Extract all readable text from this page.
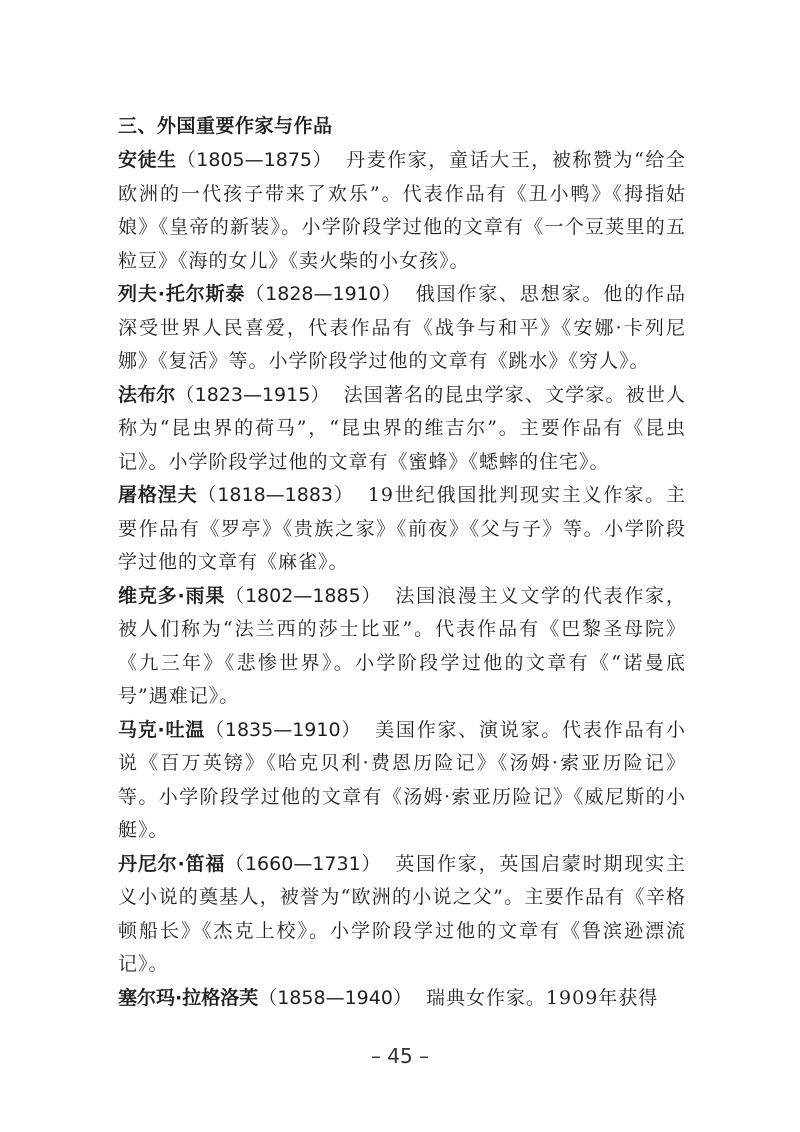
三、外国重要作家与作品

安徒生（1805—1875） 丹麦作家，童话大王，被称赞为“给全欧洲的一代孩子带来了欢乐”。代表作品有《丑小鸭》《拇指姑娘》《皇帝的新装》。小学阶段学过他的文章有《一个豆荚里的五粒豆》《海的女儿》《卖火柴的小女孩》。

列夫·托尔斯泰（1828—1910） 俄国作家、思想家。他的作品深受世界人民喜爱，代表作品有《战争与和平》《安娜·卡列尼娜》《复活》等。小学阶段学过他的文章有《跳水》《穷人》。

法布尔（1823—1915） 法国著名的昆虫学家、文学家。被世人称为“昆虫界的荷马”，“昆虫界的维吉尔”。主要作品有《昆虫记》。小学阶段学过他的文章有《蜜蜂》《蟋蟀的住宅》。

屠格涅夫（1818—1883） 19世纪俄国批判现实主义作家。主要作品有《罗亭》《贵族之家》《前夜》《父与子》等。小学阶段学过他的文章有《麻雀》。

维克多·雨果（1802—1885） 法国浪漫主义文学的代表作家，被人们称为“法兰西的莎士比亚”。代表作品有《巴黎圣母院》《九三年》《悲惨世界》。小学阶段学过他的文章有《“诺曼底号”遇难记》。

马克·吐温（1835—1910） 美国作家、演说家。代表作品有小说《百万英镑》《哈克贝利·费恩历险记》《汤姆·索亚历险记》等。小学阶段学过他的文章有《汤姆·索亚历险记》《威尼斯的小艇》。

丹尼尔·笛福（1660—1731） 英国作家，英国启蒙时期现实主义小说的奠基人，被誉为“欧洲的小说之父”。主要作品有《辛格顿船长》《杰克上校》。小学阶段学过他的文章有《鲁滨逊漂流记》。

塞尔玛·拉格洛芙（1858—1940） 瑞典女作家。1909年获得

– 45 –
